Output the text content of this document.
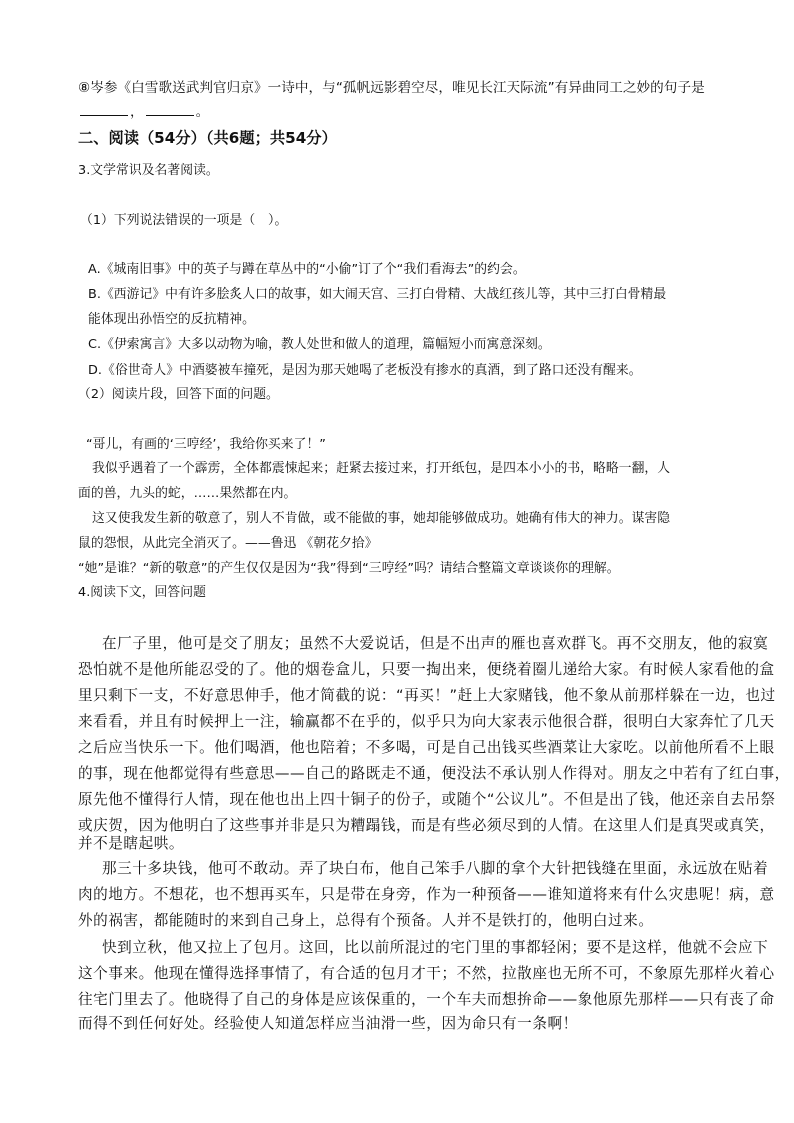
⑧岑参《白雪歌送武判官归京》一诗中，与“孤帆远影碧空尽，唯见长江天际流”有异曲同工之妙的句子是
，	。
二、阅读（54分）（共6题；共54分）
3.文学常识及名著阅读。
（1）下列说法错误的一项是（　）。
A.《城南旧事》中的英子与蹲在草丛中的“小偷”订了个“我们看海去”的约会。
B.《西游记》中有许多脍炙人口的故事，如大闹天宫、三打白骨精、大战红孩儿等，其中三打白骨精最
能体现出孙悟空的反抗精神。
C.《伊索寓言》大多以动物为喻，教人处世和做人的道理，篇幅短小而寓意深刻。
D.《俗世奇人》中酒婆被车撞死，是因为那天她喝了老板没有掺水的真酒，到了路口还没有醒来。
（2）阅读片段，回答下面的问题。
“哥儿，有画的‘三哼经’，我给你买来了！”
我似乎遇着了一个霹雳，全体都震悚起来；赶紧去接过来，打开纸包，是四本小小的书，略略一翻，人
面的兽，九头的蛇，……果然都在内。
这又使我发生新的敬意了，别人不肯做，或不能做的事，她却能够做成功。她确有伟大的神力。谋害隐
鼠的怨恨，从此完全消灭了。——鲁迅 《朝花夕拾》
“她”是谁？“新的敬意”的产生仅仅是因为“我”得到“三哼经”吗？请结合整篇文章谈谈你的理解。
4.阅读下文，回答问题
在厂子里，他可是交了朋友；虽然不大爱说话，但是不出声的雁也喜欢群飞。再不交朋友，他的寂寞
恐怕就不是他所能忍受的了。他的烟卷盒儿，只要一掏出来，便绕着圈儿递给大家。有时候人家看他的盒
里只剩下一支，不好意思伸手，他才简截的说：“再买！”赶上大家赌钱，他不象从前那样躲在一边，也过
来看看，并且有时候押上一注，输赢都不在乎的，似乎只为向大家表示他很合群，很明白大家奔忙了几天
之后应当快乐一下。他们喝酒，他也陪着；不多喝，可是自己出钱买些酒菜让大家吃。以前他所看不上眼
的事，现在他都觉得有些意思——自己的路既走不通，便没法不承认别人作得对。朋友之中若有了红白事，
原先他不懂得行人情，现在他也出上四十铜子的份子，或随个“公议儿”。不但是出了钱，他还亲自去吊祭
或庆贺，因为他明白了这些事并非是只为糟蹋钱，而是有些必须尽到的人情。在这里人们是真哭或真笑，
并不是瞎起哄。
那三十多块钱，他可不敢动。弄了块白布，他自己笨手八脚的拿个大针把钱缝在里面，永远放在贴着
肉的地方。不想花，也不想再买车，只是带在身旁，作为一种预备——谁知道将来有什么灾患呢！病，意
外的祸害，都能随时的来到自己身上，总得有个预备。人并不是铁打的，他明白过来。
快到立秋，他又拉上了包月。这回，比以前所混过的宅门里的事都轻闲；要不是这样，他就不会应下
这个事来。他现在懂得选择事情了，有合适的包月才干；不然，拉散座也无所不可，不象原先那样火着心
往宅门里去了。他晓得了自己的身体是应该保重的，一个车夫而想拚命——象他原先那样——只有丧了命
而得不到任何好处。经验使人知道怎样应当油滑一些，因为命只有一条啊！
